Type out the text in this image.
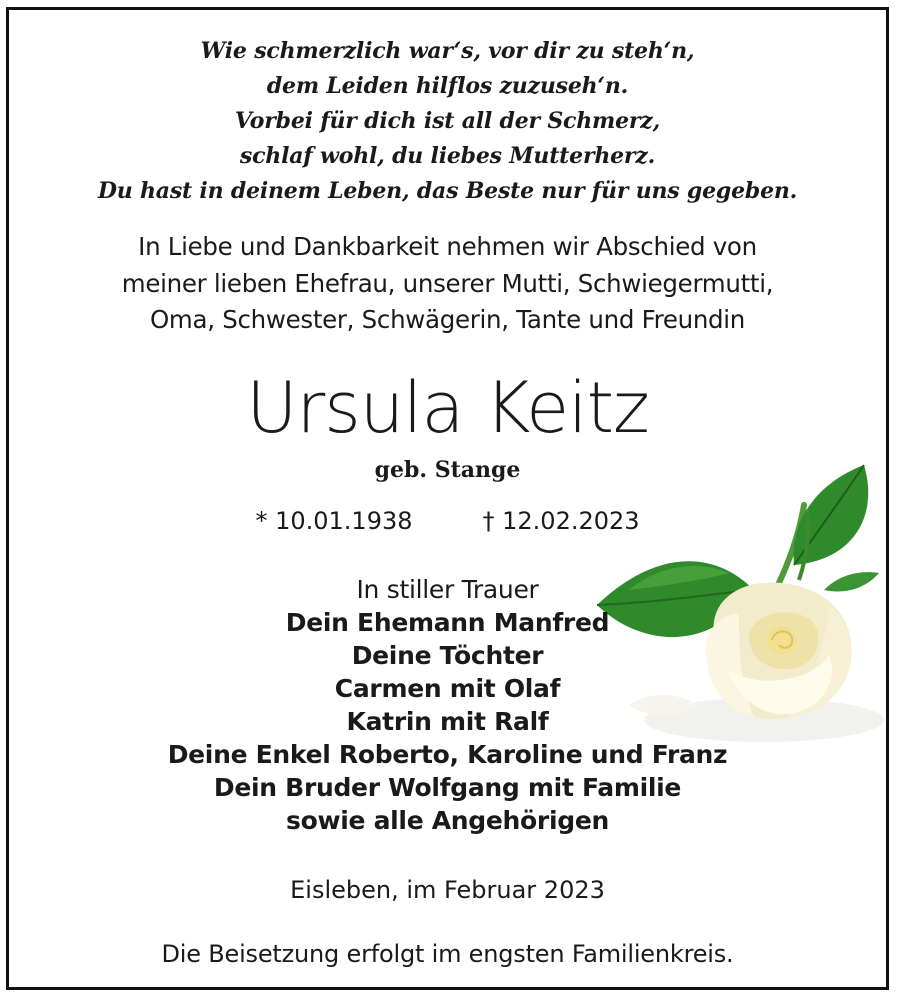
Wie schmerzlich war‘s, vor dir zu steh‘n,
dem Leiden hilflos zuzuseh‘n.
Vorbei für dich ist all der Schmerz,
schlaf wohl, du liebes Mutterherz.
Du hast in deinem Leben, das Beste nur für uns gegeben.
In Liebe und Dankbarkeit nehmen wir Abschied von
meiner lieben Ehefrau, unserer Mutti, Schwiegermutti,
Oma, Schwester, Schwägerin, Tante und Freundin
Ursula Keitz
geb. Stange
* 10.01.1938	† 12.02.2023
In stiller Trauer
Dein Ehemann Manfred
Deine Töchter
Carmen mit Olaf
Katrin mit Ralf
Deine Enkel Roberto, Karoline und Franz
Dein Bruder Wolfgang mit Familie
sowie alle Angehörigen
Eisleben, im Februar 2023
Die Beisetzung erfolgt im engsten Familienkreis.
